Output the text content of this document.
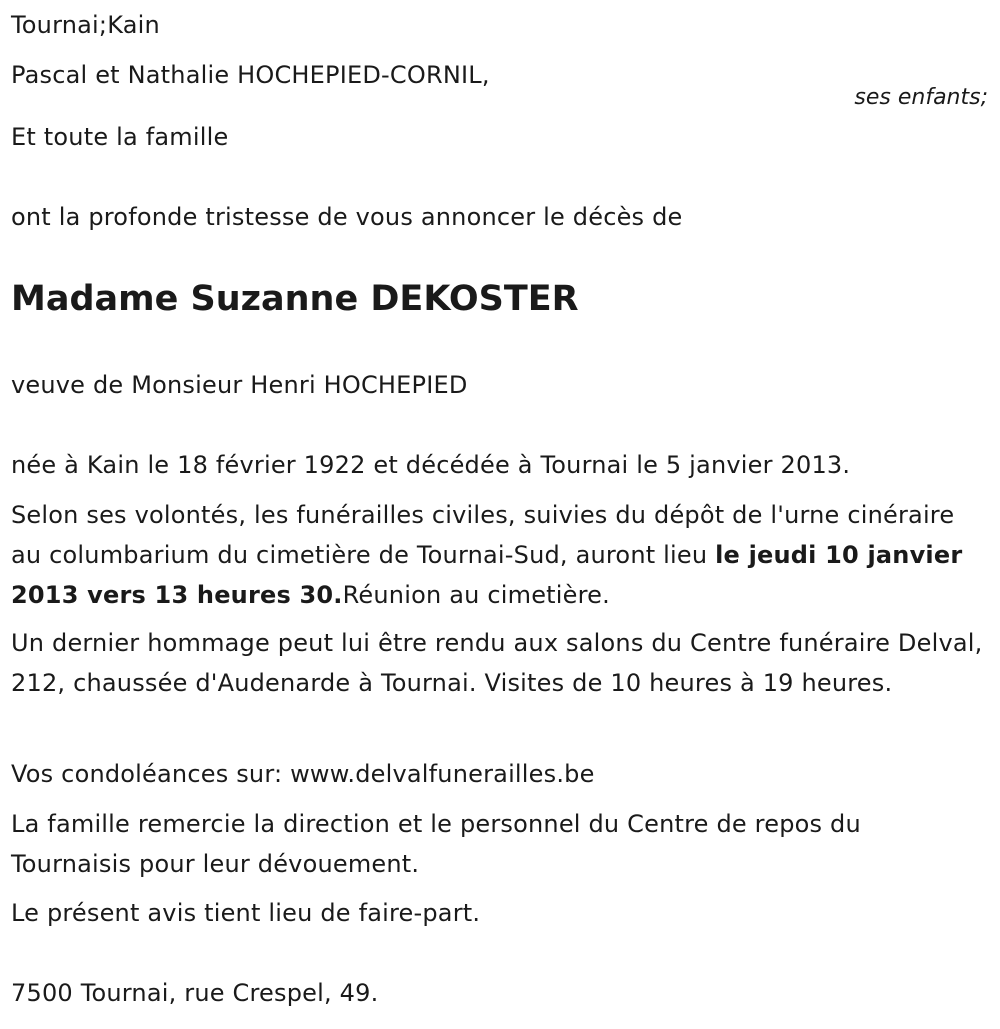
Tournai;Kain
Pascal et Nathalie HOCHEPIED-CORNIL,
ses enfants;
Et toute la famille
ont la profonde tristesse de vous annoncer le décès de
Madame Suzanne DEKOSTER
veuve de Monsieur Henri HOCHEPIED
née à Kain le 18 février 1922 et décédée à Tournai le 5 janvier 2013.
Selon ses volontés, les funérailles civiles, suivies du dépôt de l'urne cinéraire au columbarium du cimetière de Tournai-Sud, auront lieu le jeudi 10 janvier 2013 vers 13 heures 30.Réunion au cimetière.
Un dernier hommage peut lui être rendu aux salons du Centre funéraire Delval, 212, chaussée d'Audenarde à Tournai. Visites de 10 heures à 19 heures.
Vos condoléances sur: www.delvalfunerailles.be
La famille remercie la direction et le personnel du Centre de repos du Tournaisis pour leur dévouement.
Le présent avis tient lieu de faire-part.
7500 Tournai, rue Crespel, 49.
